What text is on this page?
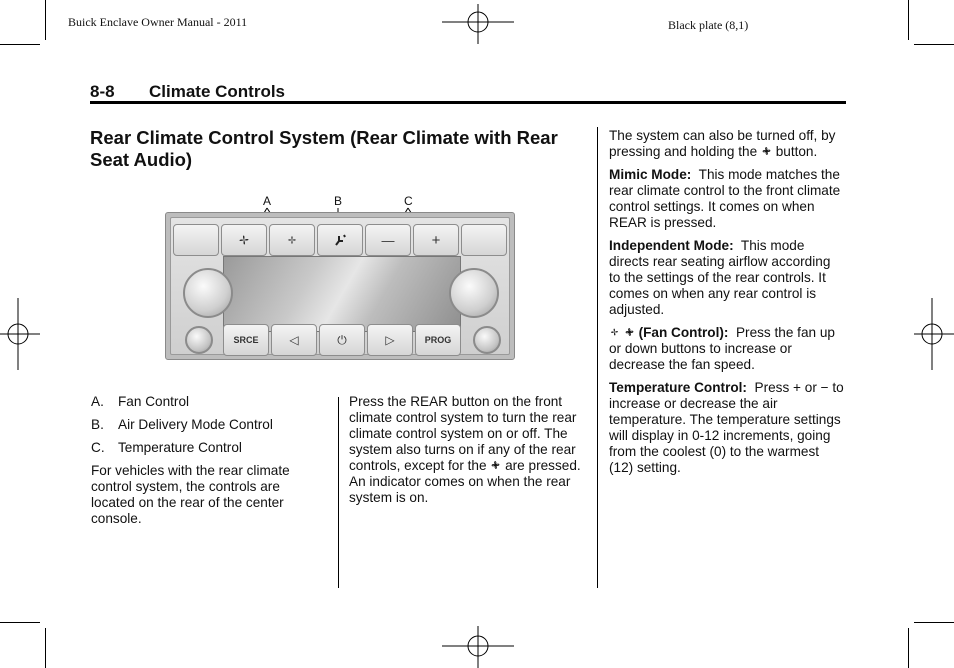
Buick Enclave Owner Manual - 2011	Black plate (8,1)
8-8 Climate Controls
Rear Climate Control System (Rear Climate with Rear Seat Audio)
A	B	C
—	+
SRCE	◁	⏻	▷	PROG
A. Fan Control
B. Air Delivery Mode Control
C. Temperature Control
For vehicles with the rear climate control system, the controls are located on the rear of the center console.
Press the REAR button on the front climate control system to turn the rear climate control system on or off. The system also turns on if any of the rear controls, except for the are pressed. An indicator comes on when the rear system is on.
The system can also be turned off, by pressing and holding the button.
Mimic Mode: This mode matches the rear climate control to the front climate control settings. It comes on when REAR is pressed.
Independent Mode: This mode directs rear seating airflow according to the settings of the rear controls. It comes on when any rear control is adjusted.
(Fan Control): Press the fan up or down buttons to increase or decrease the fan speed.
Temperature Control: Press + or − to increase or decrease the air temperature. The temperature settings will display in 0-12 increments, going from the coolest (0) to the warmest (12) setting.
